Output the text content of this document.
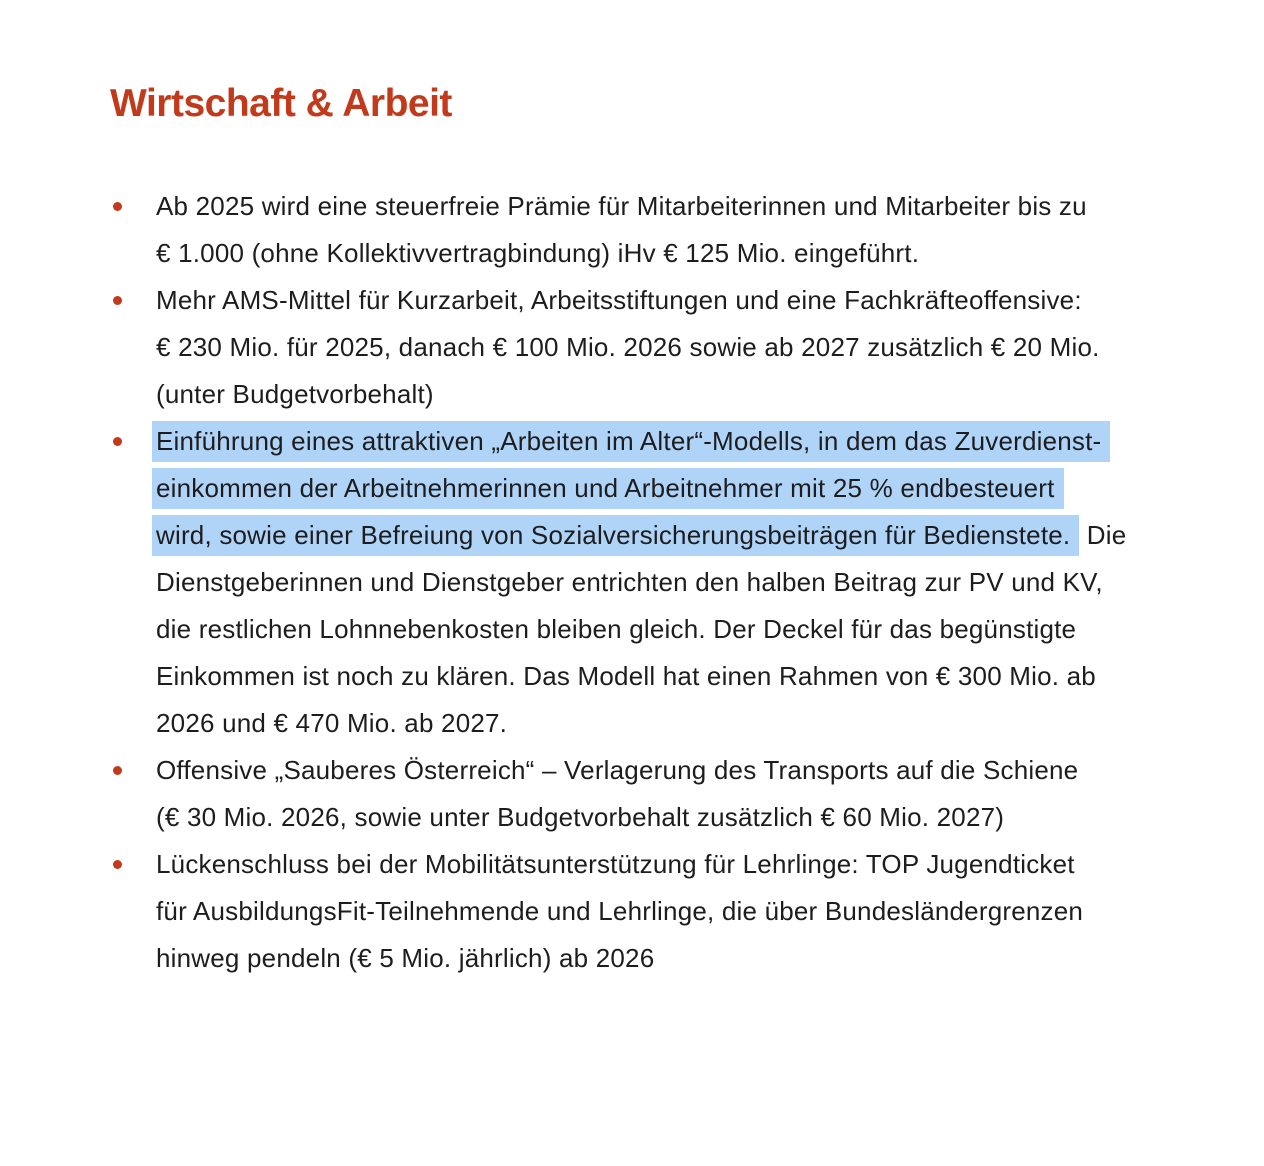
Wirtschaft & Arbeit
Ab 2025 wird eine steuerfreie Prämie für Mitarbeiterinnen und Mitarbeiter bis zu
€ 1.000 (ohne Kollektivvertragbindung) iHv € 125 Mio. eingeführt.
Mehr AMS-Mittel für Kurzarbeit, Arbeitsstiftungen und eine Fachkräfteoffensive:
€ 230 Mio. für 2025, danach € 100 Mio. 2026 sowie ab 2027 zusätzlich € 20 Mio.
(unter Budgetvorbehalt)
Einführung eines attraktiven „Arbeiten im Alter“-Modells, in dem das Zuverdienst-
einkommen der Arbeitnehmerinnen und Arbeitnehmer mit 25 % endbesteuert
wird, sowie einer Befreiung von Sozialversicherungsbeiträgen für Bedienstete. Die
Dienstgeberinnen und Dienstgeber entrichten den halben Beitrag zur PV und KV,
die restlichen Lohnnebenkosten bleiben gleich. Der Deckel für das begünstigte
Einkommen ist noch zu klären. Das Modell hat einen Rahmen von € 300 Mio. ab
2026 und € 470 Mio. ab 2027.
Offensive „Sauberes Österreich“ – Verlagerung des Transports auf die Schiene
(€ 30 Mio. 2026, sowie unter Budgetvorbehalt zusätzlich € 60 Mio. 2027)
Lückenschluss bei der Mobilitätsunterstützung für Lehrlinge: TOP Jugendticket
für AusbildungsFit-Teilnehmende und Lehrlinge, die über Bundesländergrenzen
hinweg pendeln (€ 5 Mio. jährlich) ab 2026
